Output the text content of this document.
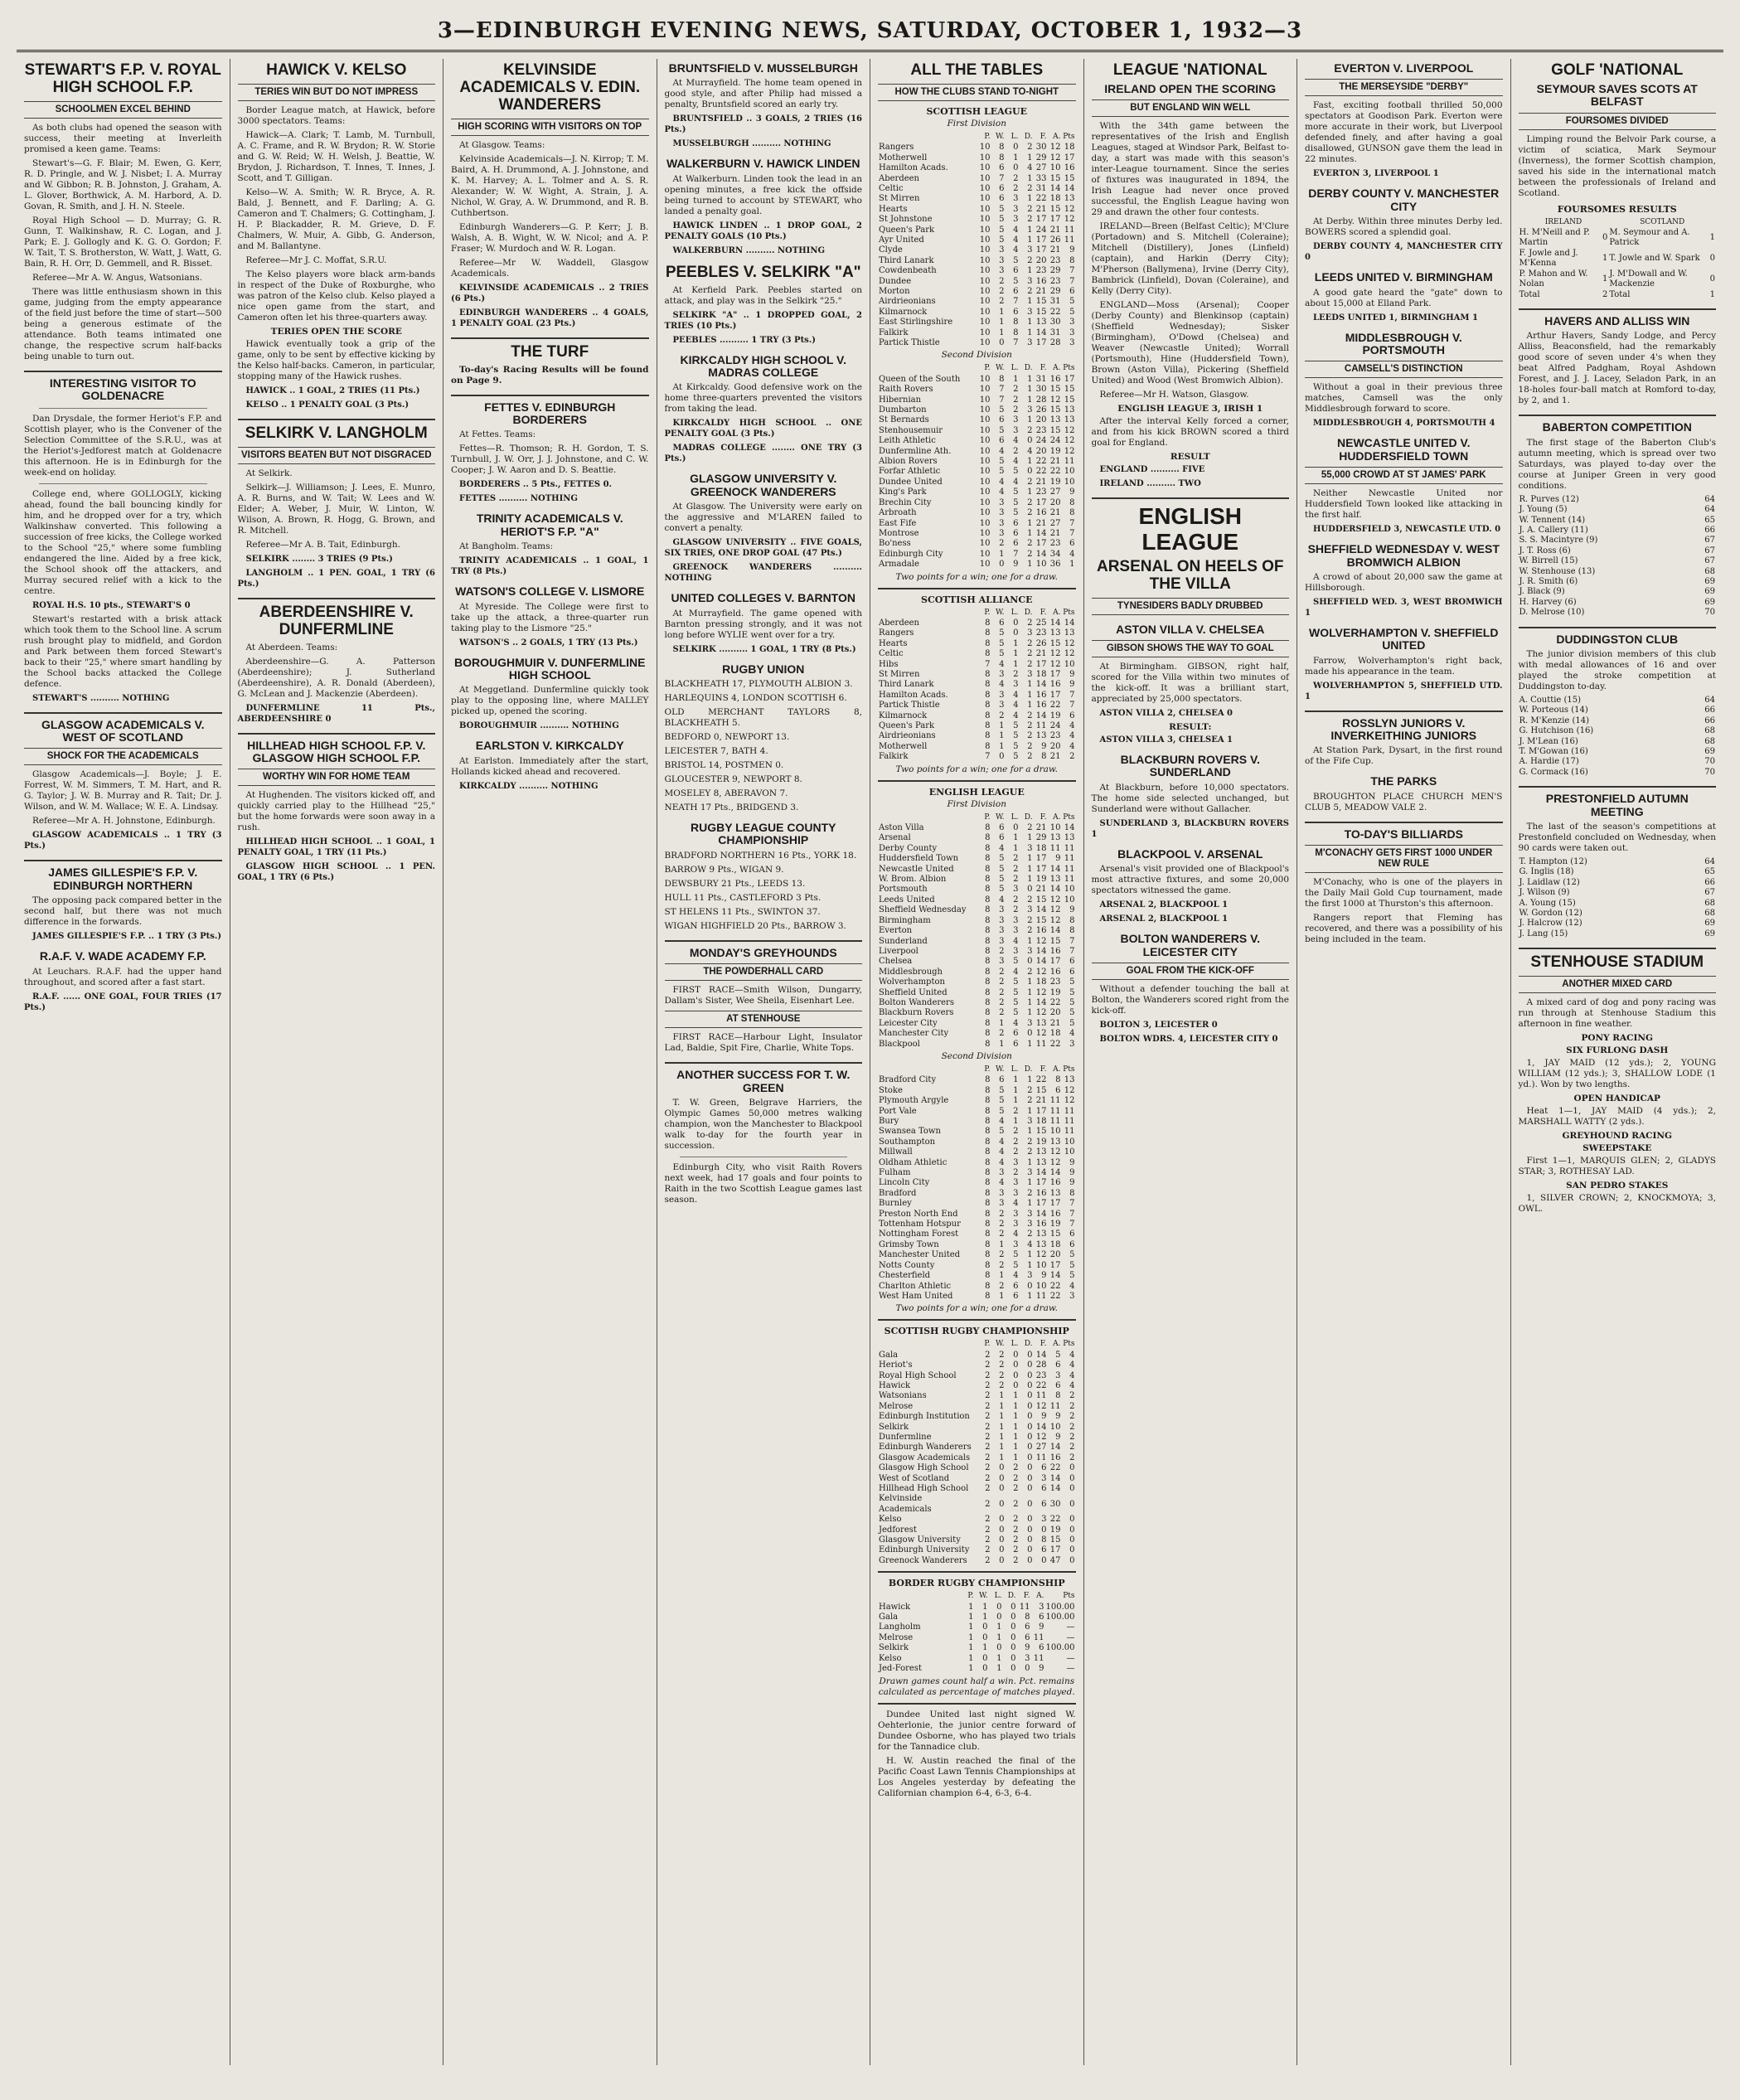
3—EDINBURGH EVENING NEWS, SATURDAY, OCTOBER 1, 1932—3
STEWART'S F.P. V. ROYAL HIGH SCHOOL F.P.
SCHOOLMEN EXCEL BEHIND

As both clubs had opened the season with success, their meeting at Inverleith promised a keen game. Teams:

Stewart's—G. F. Blair; M. Ewen, G. Kerr, R. D. Pringle, and W. J. Nisbet; I. A. Murray and W. Gibbon; R. B. Johnston, J. Graham, A. L. Glover, Borthwick, A. M. Harbord, A. D. Govan, R. Smith, and J. H. N. Steele.

Royal High School — D. Murray; G. R. Gunn, T. Walkinshaw, R. C. Logan, and J. Park; E. J. Gollogly and K. G. O. Gordon; F. W. Tait, T. S. Brotherston, W. Watt, J. Watt, G. Bain, R. H. Orr, D. Gemmell, and R. Bisset.

Referee—Mr A. W. Angus, Watsonians.

There was little enthusiasm shown in this game, judging from the empty appearance of the field just before the time of start—500 being a generous estimate of the attendance. Both teams intimated one change, the respective scrum half-backs being unable to turn out.

INTERESTING VISITOR TO GOLDENACRE

Dan Drysdale, the former Heriot's F.P. and Scottish player, who is the Convener of the Selection Committee of the S.R.U., was at the Heriot's-Jedforest match at Goldenacre this afternoon. He is in Edinburgh for the week-end on holiday.

College end, where GOLLOGLY, kicking ahead, found the ball bouncing kindly for him, and he dropped over for a try, which Walkinshaw converted. This following a succession of free kicks, the College worked to the School "25," where some fumbling endangered the line. Aided by a free kick, the School shook off the attackers, and Murray secured relief with a kick to the centre.

ROYAL H.S. 10 pts., STEWART'S 0

Stewart's restarted with a brisk attack which took them to the School line. A scrum rush brought play to midfield, and Gordon and Park between them forced Stewart's back to their "25," where smart handling by the School backs attacked the College defence.

STEWART'S .......... NOTHING

GLASGOW ACADEMICALS V. WEST OF SCOTLAND
SHOCK FOR THE ACADEMICALS

Glasgow Academicals—J. Boyle; J. E. Forrest, W. M. Simmers, T. M. Hart, and R. G. Taylor; J. W. B. Murray and R. Tait; Dr. J. Wilson, and W. M. Wallace; W. E. A. Lindsay.

Referee—Mr A. H. Johnstone, Edinburgh.

GLASGOW ACADEMICALS .. 1 TRY (3 Pts.)

JAMES GILLESPIE'S F.P. V. EDINBURGH NORTHERN

The opposing pack compared better in the second half, but there was not much difference in the forwards.

JAMES GILLESPIE'S F.P. .. 1 TRY (3 Pts.)

R.A.F. V. WADE ACADEMY F.P.

At Leuchars. R.A.F. had the upper hand throughout, and scored after a fast start.

R.A.F. ...... ONE GOAL, FOUR TRIES (17 Pts.)

HAWICK V. KELSO
TERIES WIN BUT DO NOT IMPRESS

Border League match, at Hawick, before 3000 spectators. Teams:

Hawick—A. Clark; T. Lamb, M. Turnbull, A. C. Frame, and R. W. Brydon; R. W. Storie and G. W. Reid; W. H. Welsh, J. Beattie, W. Brydon, J. Richardson, T. Innes, T. Innes, J. Scott, and T. Gilligan.

Kelso—W. A. Smith; W. R. Bryce, A. R. Bald, J. Bennett, and F. Darling; A. G. Cameron and T. Chalmers; G. Cottingham, J. H. P. Blackadder, R. M. Grieve, D. F. Chalmers, W. Muir, A. Gibb, G. Anderson, and M. Ballantyne.

Referee—Mr J. C. Moffat, S.R.U.

The Kelso players wore black arm-bands in respect of the Duke of Roxburghe, who was patron of the Kelso club. Kelso played a nice open game from the start, and Cameron often let his three-quarters away.

TERIES OPEN THE SCORE

Hawick eventually took a grip of the game, only to be sent by effective kicking by the Kelso half-backs. Cameron, in particular, stopping many of the Hawick rushes.

HAWICK .. 1 GOAL, 2 TRIES (11 Pts.)

KELSO .. 1 PENALTY GOAL (3 Pts.)

SELKIRK V. LANGHOLM
VISITORS BEATEN BUT NOT DISGRACED

At Selkirk.

Selkirk—J. Williamson; J. Lees, E. Munro, A. R. Burns, and W. Tait; W. Lees and W. Elder; A. Weber, J. Muir, W. Linton, W. Wilson, A. Brown, R. Hogg, G. Brown, and R. Mitchell.

Referee—Mr A. B. Tait, Edinburgh.

SELKIRK ........ 3 TRIES (9 Pts.)

LANGHOLM .. 1 PEN. GOAL, 1 TRY (6 Pts.)

ABERDEENSHIRE V. DUNFERMLINE

At Aberdeen. Teams:

Aberdeenshire—G. A. Patterson (Aberdeenshire); J. Sutherland (Aberdeenshire), A. R. Donald (Aberdeen), G. McLean and J. Mackenzie (Aberdeen).

DUNFERMLINE 11 Pts., ABERDEENSHIRE 0

HILLHEAD HIGH SCHOOL F.P. V. GLASGOW HIGH SCHOOL F.P.
WORTHY WIN FOR HOME TEAM

At Hughenden. The visitors kicked off, and quickly carried play to the Hillhead "25," but the home forwards were soon away in a rush.

HILLHEAD HIGH SCHOOL .. 1 GOAL, 1 PENALTY GOAL, 1 TRY (11 Pts.)

GLASGOW HIGH SCHOOL .. 1 PEN. GOAL, 1 TRY (6 Pts.)

KELVINSIDE ACADEMICALS V. EDIN. WANDERERS
HIGH SCORING WITH VISITORS ON TOP

At Glasgow. Teams:

Kelvinside Academicals—J. N. Kirrop; T. M. Baird, A. H. Drummond, A. J. Johnstone, and K. M. Harvey; A. L. Tolmer and A. S. R. Alexander; W. W. Wight, A. Strain, J. A. Nichol, W. Gray, A. W. Drummond, and R. B. Cuthbertson.

Edinburgh Wanderers—G. P. Kerr; J. B. Walsh, A. B. Wight, W. W. Nicol; and A. P. Fraser; W. Murdoch and W. R. Logan.

Referee—Mr W. Waddell, Glasgow Academicals.

KELVINSIDE ACADEMICALS .. 2 TRIES (6 Pts.)

EDINBURGH WANDERERS .. 4 GOALS, 1 PENALTY GOAL (23 Pts.)

THE TURF

To-day's Racing Results will be found on Page 9.

FETTES V. EDINBURGH BORDERERS

At Fettes. Teams:

Fettes—R. Thomson; R. H. Gordon, T. S. Turnbull, J. W. Orr, J. J. Johnstone, and C. W. Cooper; J. W. Aaron and D. S. Beattie.

BORDERERS .. 5 Pts., FETTES 0.

FETTES .......... NOTHING

TRINITY ACADEMICALS V. HERIOT'S F.P. "A"

At Bangholm. Teams:

TRINITY ACADEMICALS .. 1 GOAL, 1 TRY (8 Pts.)

WATSON'S COLLEGE V. LISMORE

At Myreside. The College were first to take up the attack, a three-quarter run taking play to the Lismore "25."

WATSON'S .. 2 GOALS, 1 TRY (13 Pts.)

BOROUGHMUIR V. DUNFERMLINE HIGH SCHOOL

At Meggetland. Dunfermline quickly took play to the opposing line, where MALLEY picked up, opened the scoring.

BOROUGHMUIR .......... NOTHING

EARLSTON V. KIRKCALDY

At Earlston. Immediately after the start, Hollands kicked ahead and recovered.

KIRKCALDY .......... NOTHING

BRUNTSFIELD V. MUSSELBURGH

At Murrayfield. The home team opened in good style, and after Philip had missed a penalty, Bruntsfield scored an early try.

BRUNTSFIELD .. 3 GOALS, 2 TRIES (16 Pts.)

MUSSELBURGH .......... NOTHING

WALKERBURN V. HAWICK LINDEN

At Walkerburn. Linden took the lead in an opening minutes, a free kick the offside being turned to account by STEWART, who landed a penalty goal.

HAWICK LINDEN .. 1 DROP GOAL, 2 PENALTY GOALS (10 Pts.)

WALKERBURN .......... NOTHING

PEEBLES V. SELKIRK "A"

At Kerfield Park. Peebles started on attack, and play was in the Selkirk "25."

SELKIRK "A" .. 1 DROPPED GOAL, 2 TRIES (10 Pts.)

PEEBLES .......... 1 TRY (3 Pts.)

KIRKCALDY HIGH SCHOOL V. MADRAS COLLEGE

At Kirkcaldy. Good defensive work on the home three-quarters prevented the visitors from taking the lead.

KIRKCALDY HIGH SCHOOL .. ONE PENALTY GOAL (3 Pts.)

MADRAS COLLEGE ........ ONE TRY (3 Pts.)

GLASGOW UNIVERSITY V. GREENOCK WANDERERS

At Glasgow. The University were early on the aggressive and M'LAREN failed to convert a penalty.

GLASGOW UNIVERSITY .. FIVE GOALS, SIX TRIES, ONE DROP GOAL (47 Pts.)

GREENOCK WANDERERS .......... NOTHING

UNITED COLLEGES V. BARNTON

At Murrayfield. The game opened with Barnton pressing strongly, and it was not long before WYLIE went over for a try.

SELKIRK .......... 1 GOAL, 1 TRY (8 Pts.)

RUGBY UNION

BLACKHEATH 17, PLYMOUTH ALBION 3.

HARLEQUINS 4, LONDON SCOTTISH 6.

OLD MERCHANT TAYLORS 8, BLACKHEATH 5.

BEDFORD 0, NEWPORT 13.

LEICESTER 7, BATH 4.

BRISTOL 14, POSTMEN 0.

GLOUCESTER 9, NEWPORT 8.

MOSELEY 8, ABERAVON 7.

NEATH 17 Pts., BRIDGEND 3.

RUGBY LEAGUE COUNTY CHAMPIONSHIP

BRADFORD NORTHERN 16 Pts., YORK 18.

BARROW 9 Pts., WIGAN 9.

DEWSBURY 21 Pts., LEEDS 13.

HULL 11 Pts., CASTLEFORD 3 Pts.

ST HELENS 11 Pts., SWINTON 37.

WIGAN HIGHFIELD 20 Pts., BARROW 3.

MONDAY'S GREYHOUNDS
THE POWDERHALL CARD

FIRST RACE—Smith Wilson, Dungarry, Dallam's Sister, Wee Sheila, Eisenhart Lee.

AT STENHOUSE

FIRST RACE—Harbour Light, Insulator Lad, Baldie, Spit Fire, Charlie, White Tops.

ANOTHER SUCCESS FOR T. W. GREEN

T. W. Green, Belgrave Harriers, the Olympic Games 50,000 metres walking champion, won the Manchester to Blackpool walk to-day for the fourth year in succession.

Edinburgh City, who visit Raith Rovers next week, had 17 goals and four points to Raith in the two Scottish League games last season.

ALL THE TABLES
HOW THE CLUBS STAND TO-NIGHT
SCOTTISH LEAGUE
First Division
	P.	W.	L.	D.	F.	A.	Pts
Rangers	10	8	0	2	30	12	18
Motherwell	10	8	1	1	29	12	17
Hamilton Acads.	10	6	0	4	27	10	16
Aberdeen	10	7	2	1	33	15	15
Celtic	10	6	2	2	31	14	14
St Mirren	10	6	3	1	22	18	13
Hearts	10	5	3	2	21	15	12
St Johnstone	10	5	3	2	17	17	12
Queen's Park	10	5	4	1	24	21	11
Ayr United	10	5	4	1	17	26	11
Clyde	10	3	4	3	17	21	9
Third Lanark	10	3	5	2	20	23	8
Cowdenbeath	10	3	6	1	23	29	7
Dundee	10	2	5	3	16	23	7
Morton	10	2	6	2	21	29	6
Airdrieonians	10	2	7	1	15	31	5
Kilmarnock	10	1	6	3	15	22	5
East Stirlingshire	10	1	8	1	13	30	3
Falkirk	10	1	8	1	14	31	3
Partick Thistle	10	0	7	3	17	28	3
Second Division
	P.	W.	L.	D.	F.	A.	Pts
Queen of the South	10	8	1	1	31	16	17
Raith Rovers	10	7	2	1	30	15	15
Hibernian	10	7	2	1	28	12	15
Dumbarton	10	5	2	3	26	15	13
St Bernards	10	6	3	1	20	13	13
Stenhousemuir	10	5	3	2	23	15	12
Leith Athletic	10	6	4	0	24	24	12
Dunfermline Ath.	10	4	2	4	20	19	12
Albion Rovers	10	5	4	1	22	21	11
Forfar Athletic	10	5	5	0	22	22	10
Dundee United	10	4	4	2	21	19	10
King's Park	10	4	5	1	23	27	9
Brechin City	10	3	5	2	17	20	8
Arbroath	10	3	5	2	16	21	8
East Fife	10	3	6	1	21	27	7
Montrose	10	3	6	1	14	21	7
Bo'ness	10	2	6	2	17	23	6
Edinburgh City	10	1	7	2	14	34	4
Armadale	10	0	9	1	10	36	1
Two points for a win; one for a draw.
SCOTTISH ALLIANCE
	P.	W.	L.	D.	F.	A.	Pts
Aberdeen	8	6	0	2	25	14	14
Rangers	8	5	0	3	23	13	13
Hearts	8	5	1	2	26	15	12
Celtic	8	5	1	2	21	12	12
Hibs	7	4	1	2	17	12	10
St Mirren	8	3	2	3	18	17	9
Third Lanark	8	4	3	1	14	16	9
Hamilton Acads.	8	3	4	1	16	17	7
Partick Thistle	8	3	4	1	16	22	7
Kilmarnock	8	2	4	2	14	19	6
Queen's Park	8	1	5	2	11	24	4
Airdrieonians	8	1	5	2	13	23	4
Motherwell	8	1	5	2	9	20	4
Falkirk	7	0	5	2	8	21	2
Two points for a win; one for a draw.
ENGLISH LEAGUE
First Division
	P.	W.	L.	D.	F.	A.	Pts
Aston Villa	8	6	0	2	21	10	14
Arsenal	8	6	1	1	29	13	13
Derby County	8	4	1	3	18	11	11
Huddersfield Town	8	5	2	1	17	9	11
Newcastle United	8	5	2	1	17	14	11
W. Brom. Albion	8	5	2	1	19	13	11
Portsmouth	8	5	3	0	21	14	10
Leeds United	8	4	2	2	15	12	10
Sheffield Wednesday	8	3	2	3	14	12	9
Birmingham	8	3	3	2	15	12	8
Everton	8	3	3	2	16	14	8
Sunderland	8	3	4	1	12	15	7
Liverpool	8	2	3	3	14	16	7
Chelsea	8	3	5	0	14	17	6
Middlesbrough	8	2	4	2	12	16	6
Wolverhampton	8	2	5	1	18	23	5
Sheffield United	8	2	5	1	12	19	5
Bolton Wanderers	8	2	5	1	14	22	5
Blackburn Rovers	8	2	5	1	12	20	5
Leicester City	8	1	4	3	13	21	5
Manchester City	8	2	6	0	12	18	4
Blackpool	8	1	6	1	11	22	3
Second Division
	P.	W.	L.	D.	F.	A.	Pts
Bradford City	8	6	1	1	22	8	13
Stoke	8	5	1	2	15	6	12
Plymouth Argyle	8	5	1	2	21	11	12
Port Vale	8	5	2	1	17	11	11
Bury	8	4	1	3	18	11	11
Swansea Town	8	5	2	1	15	10	11
Southampton	8	4	2	2	19	13	10
Millwall	8	4	2	2	13	12	10
Oldham Athletic	8	4	3	1	13	12	9
Fulham	8	3	2	3	14	14	9
Lincoln City	8	4	3	1	17	16	9
Bradford	8	3	3	2	16	13	8
Burnley	8	3	4	1	17	17	7
Preston North End	8	2	3	3	14	16	7
Tottenham Hotspur	8	2	3	3	16	19	7
Nottingham Forest	8	2	4	2	13	15	6
Grimsby Town	8	1	3	4	13	18	6
Manchester United	8	2	5	1	12	20	5
Notts County	8	2	5	1	10	17	5
Chesterfield	8	1	4	3	9	14	5
Charlton Athletic	8	2	6	0	10	22	4
West Ham United	8	1	6	1	11	22	3
Two points for a win; one for a draw.
SCOTTISH RUGBY CHAMPIONSHIP
	P.	W.	L.	D.	F.	A.	Pts
Gala	2	2	0	0	14	5	4
Heriot's	2	2	0	0	28	6	4
Royal High School	2	2	0	0	23	3	4
Hawick	2	2	0	0	22	6	4
Watsonians	2	1	1	0	11	8	2
Melrose	2	1	1	0	12	11	2
Edinburgh Institution	2	1	1	0	9	9	2
Selkirk	2	1	1	0	14	10	2
Dunfermline	2	1	1	0	12	9	2
Edinburgh Wanderers	2	1	1	0	27	14	2
Glasgow Academicals	2	1	1	0	11	16	2
Glasgow High School	2	0	2	0	6	22	0
West of Scotland	2	0	2	0	3	14	0
Hillhead High School	2	0	2	0	6	14	0
Kelvinside Academicals	2	0	2	0	6	30	0
Kelso	2	0	2	0	3	22	0
Jedforest	2	0	2	0	0	19	0
Glasgow University	2	0	2	0	8	15	0
Edinburgh University	2	0	2	0	6	17	0
Greenock Wanderers	2	0	2	0	0	47	0
BORDER RUGBY CHAMPIONSHIP
	P.	W.	L.	D.	F.	A.	Pts
Hawick	1	1	0	0	11	3	100.00
Gala	1	1	0	0	8	6	100.00
Langholm	1	0	1	0	6	9	—
Melrose	1	0	1	0	6	11	—
Selkirk	1	1	0	0	9	6	100.00
Kelso	1	0	1	0	3	11	—
Jed-Forest	1	0	1	0	0	9	—
Drawn games count half a win. Pct. remains calculated as percentage of matches played.

Dundee United last night signed W. Oehterlonie, the junior centre forward of Dundee Osborne, who has played two trials for the Tannadice club.

H. W. Austin reached the final of the Pacific Coast Lawn Tennis Championships at Los Angeles yesterday by defeating the Californian champion 6-4, 6-3, 6-4.

LEAGUE 'NATIONAL
IRELAND OPEN THE SCORING
BUT ENGLAND WIN WELL

With the 34th game between the representatives of the Irish and English Leagues, staged at Windsor Park, Belfast to-day, a start was made with this season's inter-League tournament. Since the series of fixtures was inaugurated in 1894, the Irish League had never once proved successful, the English League having won 29 and drawn the other four contests.

IRELAND—Breen (Belfast Celtic); M'Clure (Portadown) and S. Mitchell (Coleraine); Mitchell (Distillery), Jones (Linfield) (captain), and Harkin (Derry City); M'Pherson (Ballymena), Irvine (Derry City), Bambrick (Linfield), Dovan (Coleraine), and Kelly (Derry City).

ENGLAND—Moss (Arsenal); Cooper (Derby County) and Blenkinsop (captain) (Sheffield Wednesday); Sisker (Birmingham), O'Dowd (Chelsea) and Weaver (Newcastle United); Worrall (Portsmouth), Hine (Huddersfield Town), Brown (Aston Villa), Pickering (Sheffield United) and Wood (West Bromwich Albion).

Referee—Mr H. Watson, Glasgow.

ENGLISH LEAGUE 3, IRISH 1

After the interval Kelly forced a corner, and from his kick BROWN scored a third goal for England.

RESULT

ENGLAND .......... FIVE

IRELAND .......... TWO

ENGLISH LEAGUE
ARSENAL ON HEELS OF THE VILLA
TYNESIDERS BADLY DRUBBED
ASTON VILLA V. CHELSEA
GIBSON SHOWS THE WAY TO GOAL

At Birmingham. GIBSON, right half, scored for the Villa within two minutes of the kick-off. It was a brilliant start, appreciated by 25,000 spectators.

ASTON VILLA 2, CHELSEA 0

RESULT:

ASTON VILLA 3, CHELSEA 1

BLACKBURN ROVERS V. SUNDERLAND

At Blackburn, before 10,000 spectators. The home side selected unchanged, but Sunderland were without Gallacher.

SUNDERLAND 3, BLACKBURN ROVERS 1

BLACKPOOL V. ARSENAL

Arsenal's visit provided one of Blackpool's most attractive fixtures, and some 20,000 spectators witnessed the game.

ARSENAL 2, BLACKPOOL 1

ARSENAL 2, BLACKPOOL 1

BOLTON WANDERERS V. LEICESTER CITY
GOAL FROM THE KICK-OFF

Without a defender touching the ball at Bolton, the Wanderers scored right from the kick-off.

BOLTON 3, LEICESTER 0

BOLTON WDRS. 4, LEICESTER CITY 0

EVERTON V. LIVERPOOL
THE MERSEYSIDE "DERBY"

Fast, exciting football thrilled 50,000 spectators at Goodison Park. Everton were more accurate in their work, but Liverpool defended finely, and after having a goal disallowed, GUNSON gave them the lead in 22 minutes.

EVERTON 3, LIVERPOOL 1

DERBY COUNTY V. MANCHESTER CITY

At Derby. Within three minutes Derby led. BOWERS scored a splendid goal.

DERBY COUNTY 4, MANCHESTER CITY 0

LEEDS UNITED V. BIRMINGHAM

A good gate heard the "gate" down to about 15,000 at Elland Park.

LEEDS UNITED 1, BIRMINGHAM 1

MIDDLESBROUGH V. PORTSMOUTH
CAMSELL'S DISTINCTION

Without a goal in their previous three matches, Camsell was the only Middlesbrough forward to score.

MIDDLESBROUGH 4, PORTSMOUTH 4

NEWCASTLE UNITED V. HUDDERSFIELD TOWN
55,000 CROWD AT ST JAMES' PARK

Neither Newcastle United nor Huddersfield Town looked like attacking in the first half.

HUDDERSFIELD 3, NEWCASTLE UTD. 0

SHEFFIELD WEDNESDAY V. WEST BROMWICH ALBION

A crowd of about 20,000 saw the game at Hillsborough.

SHEFFIELD WED. 3, WEST BROMWICH 1

WOLVERHAMPTON V. SHEFFIELD UNITED

Farrow, Wolverhampton's right back, made his appearance in the team.

WOLVERHAMPTON 5, SHEFFIELD UTD. 1

ROSSLYN JUNIORS V. INVERKEITHING JUNIORS

At Station Park, Dysart, in the first round of the Fife Cup.

THE PARKS

BROUGHTON PLACE CHURCH MEN'S CLUB 5, MEADOW VALE 2.

TO-DAY'S BILLIARDS
M'CONACHY GETS FIRST 1000 UNDER NEW RULE

M'Conachy, who is one of the players in the Daily Mail Gold Cup tournament, made the first 1000 at Thurston's this afternoon.

Rangers report that Fleming has recovered, and there was a possibility of his being included in the team.

GOLF 'NATIONAL
SEYMOUR SAVES SCOTS AT BELFAST
FOURSOMES DIVIDED

Limping round the Belvoir Park course, a victim of sciatica, Mark Seymour (Inverness), the former Scottish champion, saved his side in the international match between the professionals of Ireland and Scotland.

FOURSOMES RESULTS
IRELAND		SCOTLAND	
H. M'Neill and P. Martin	0	M. Seymour and A. Patrick	1
F. Jowle and J. M'Kenna	1	T. Jowle and W. Spark	0
P. Mahon and W. Nolan	1	J. M'Dowall and W. Mackenzie	0
Total	2	Total	1
HAVERS AND ALLISS WIN

Arthur Havers, Sandy Lodge, and Percy Alliss, Beaconsfield, had the remarkably good score of seven under 4's when they beat Alfred Padgham, Royal Ashdown Forest, and J. J. Lacey, Seladon Park, in an 18-holes four-ball match at Romford to-day, by 2, and 1.

BABERTON COMPETITION

The first stage of the Baberton Club's autumn meeting, which is spread over two Saturdays, was played to-day over the course at Juniper Green in very good conditions.

R. Purves (12)	64
J. Young (5)	64
W. Tennent (14)	65
J. A. Callery (11)	66
S. S. Macintyre (9)	67
J. T. Ross (6)	67
W. Birrell (15)	67
W. Stenhouse (13)	68
J. R. Smith (6)	69
J. Black (9)	69
H. Harvey (6)	69
D. Melrose (10)	70
DUDDINGSTON CLUB

The junior division members of this club with medal allowances of 16 and over played the stroke competition at Duddingston to-day.

A. Couttie (15)	64
W. Porteous (14)	66
R. M'Kenzie (14)	66
G. Hutchison (16)	68
J. M'Lean (16)	68
T. M'Gowan (16)	69
A. Hardie (17)	70
G. Cormack (16)	70
PRESTONFIELD AUTUMN MEETING

The last of the season's competitions at Prestonfield concluded on Wednesday, when 90 cards were taken out.

T. Hampton (12)	64
G. Inglis (18)	65
J. Laidlaw (12)	66
J. Wilson (9)	67
A. Young (15)	68
W. Gordon (12)	68
J. Halcrow (12)	69
J. Lang (15)	69
STENHOUSE STADIUM
ANOTHER MIXED CARD

A mixed card of dog and pony racing was run through at Stenhouse Stadium this afternoon in fine weather.

PONY RACING
SIX FURLONG DASH

1, JAY MAID (12 yds.); 2, YOUNG WILLIAM (12 yds.); 3, SHALLOW LODE (1 yd.). Won by two lengths.

OPEN HANDICAP

Heat 1—1, JAY MAID (4 yds.); 2, MARSHALL WATTY (2 yds.).

GREYHOUND RACING
SWEEPSTAKE

First 1—1, MARQUIS GLEN; 2, GLADYS STAR; 3, ROTHESAY LAD.

SAN PEDRO STAKES

1, SILVER CROWN; 2, KNOCKMOYA; 3, OWL.
